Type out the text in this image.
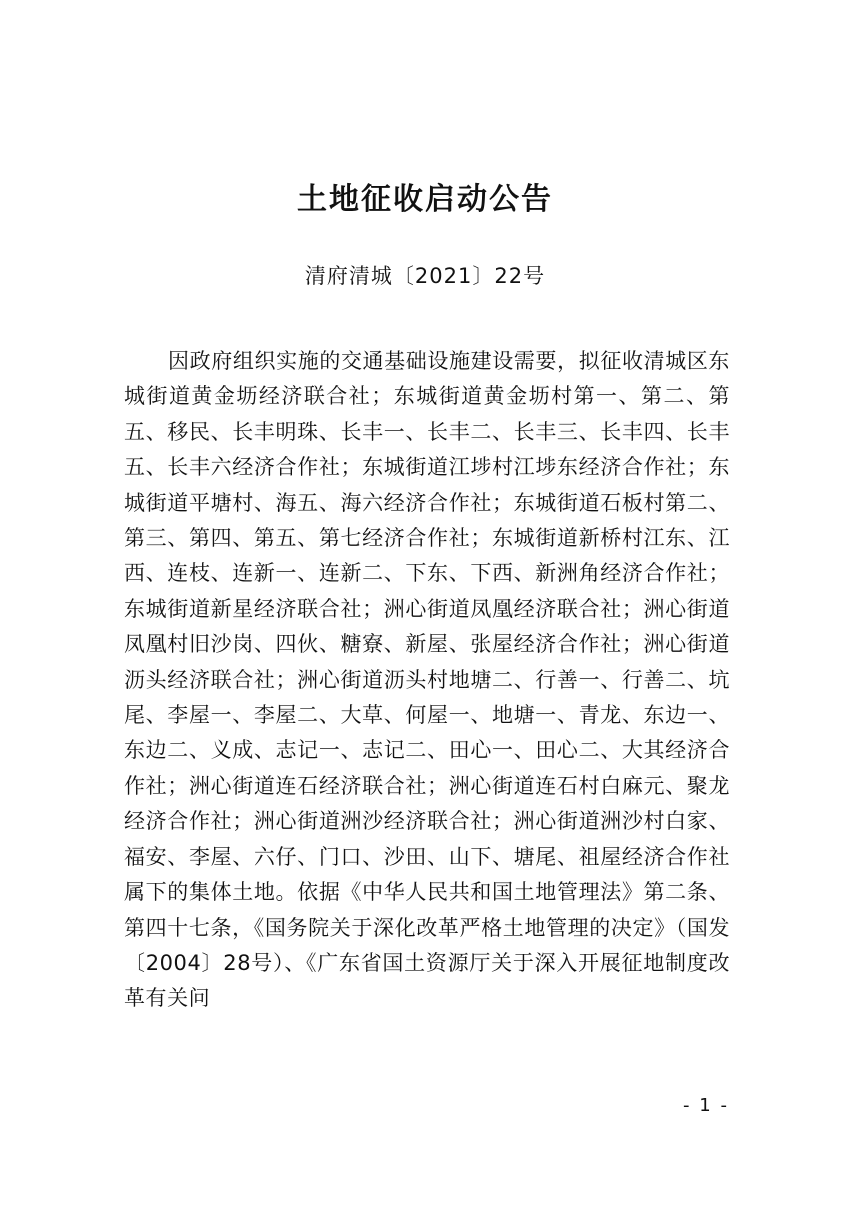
土地征收启动公告
清府清城〔2021〕22号

因政府组织实施的交通基础设施建设需要，拟征收清城区东城街道黄金坜经济联合社；东城街道黄金坜村第一、第二、第五、移民、长丰明珠、长丰一、长丰二、长丰三、长丰四、长丰五、长丰六经济合作社；东城街道江埗村江埗东经济合作社；东城街道平塘村、海五、海六经济合作社；东城街道石板村第二、第三、第四、第五、第七经济合作社；东城街道新桥村江东、江西、连枝、连新一、连新二、下东、下西、新洲角经济合作社；东城街道新星经济联合社；洲心街道凤凰经济联合社；洲心街道凤凰村旧沙岗、四伙、糖寮、新屋、张屋经济合作社；洲心街道沥头经济联合社；洲心街道沥头村地塘二、行善一、行善二、坑尾、李屋一、李屋二、大草、何屋一、地塘一、青龙、东边一、东边二、义成、志记一、志记二、田心一、田心二、大其经济合作社；洲心街道连石经济联合社；洲心街道连石村白麻元、聚龙经济合作社；洲心街道洲沙经济联合社；洲心街道洲沙村白家、福安、李屋、六仔、门口、沙田、山下、塘尾、祖屋经济合作社属下的集体土地。依据《中华人民共和国土地管理法》第二条、第四十七条，《国务院关于深化改革严格土地管理的决定》（国发〔2004〕28号）、《广东省国土资源厅关于深入开展征地制度改革有关问

- 1 -
